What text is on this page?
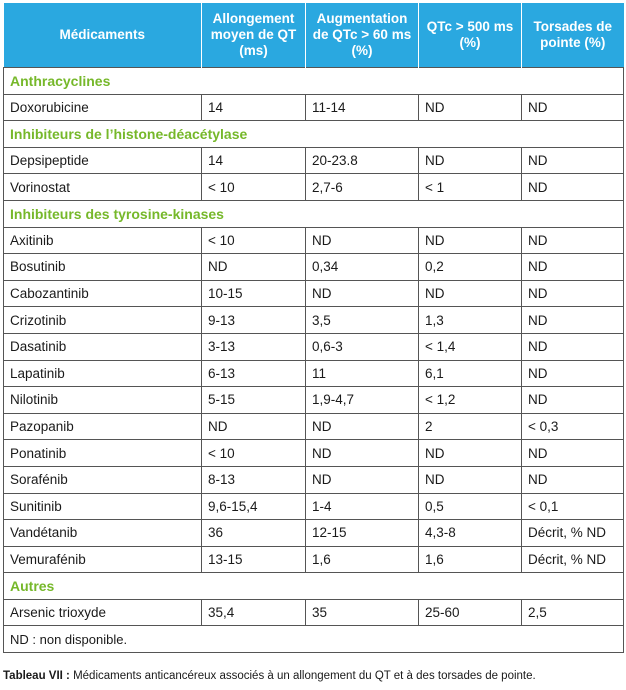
Médicaments	Allongement moyen de QT (ms)	Augmentation de QTc > 60 ms (%)	QTc > 500 ms (%)	Torsades de pointe (%)
Anthracyclines				
Doxorubicine	14	11-14	ND	ND
Inhibiteurs de l’histone-déacétylase				
Depsipeptide	14	20-23.8	ND	ND
Vorinostat	< 10	2,7-6	< 1	ND
Inhibiteurs des tyrosine-kinases				
Axitinib	< 10	ND	ND	ND
Bosutinib	ND	0,34	0,2	ND
Cabozantinib	10-15	ND	ND	ND
Crizotinib	9-13	3,5	1,3	ND
Dasatinib	3-13	0,6-3	< 1,4	ND
Lapatinib	6-13	11	6,1	ND
Nilotinib	5-15	1,9-4,7	< 1,2	ND
Pazopanib	ND	ND	2	< 0,3
Ponatinib	< 10	ND	ND	ND
Sorafénib	8-13	ND	ND	ND
Sunitinib	9,6-15,4	1-4	0,5	< 0,1
Vandétanib	36	12-15	4,3-8	Décrit, % ND
Vemurafénib	13-15	1,6	1,6	Décrit, % ND
Autres				
Arsenic trioxyde	35,4	35	25-60	2,5
ND : non disponible.				
Tableau VII : Médicaments anticancéreux associés à un allongement du QT et à des torsades de pointe.
